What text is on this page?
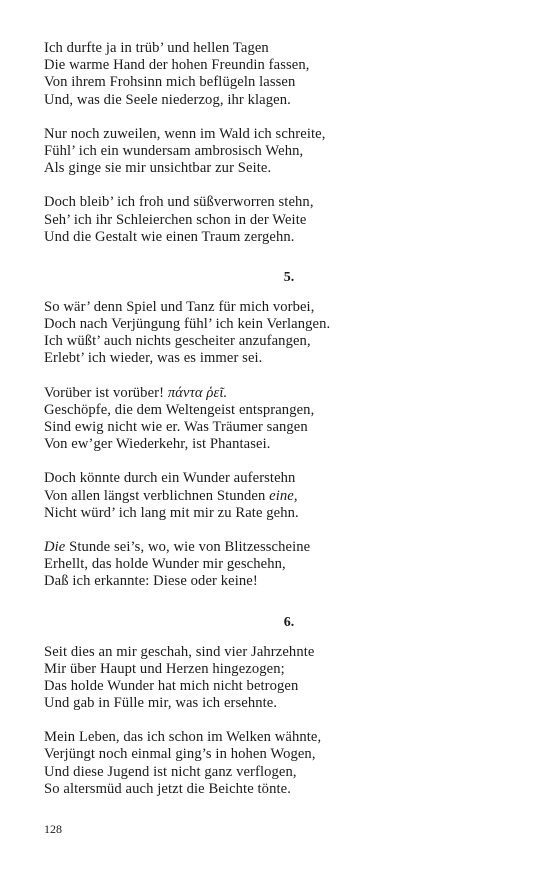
Ich durfte ja in trüb’ und hellen Tagen
Die warme Hand der hohen Freundin fassen,
Von ihrem Frohsinn mich beflügeln lassen
Und, was die Seele niederzog, ihr klagen.
Nur noch zuweilen, wenn im Wald ich schreite,
Fühl’ ich ein wundersam ambrosisch Wehn,
Als ginge sie mir unsichtbar zur Seite.
Doch bleib’ ich froh und süßverworren stehn,
Seh’ ich ihr Schleierchen schon in der Weite
Und die Gestalt wie einen Traum zergehn.
5.
So wär’ denn Spiel und Tanz für mich vorbei,
Doch nach Verjüngung fühl’ ich kein Verlangen.
Ich wüßt’ auch nichts gescheiter anzufangen,
Erlebt’ ich wieder, was es immer sei.
Vorüber ist vorüber! πάντα ῥεῖ.
Geschöpfe, die dem Weltengeist entsprangen,
Sind ewig nicht wie er. Was Träumer sangen
Von ew’ger Wiederkehr, ist Phantasei.
Doch könnte durch ein Wunder auferstehn
Von allen längst verblichnen Stunden eine,
Nicht würd’ ich lang mit mir zu Rate gehn.
Die Stunde sei’s, wo, wie von Blitzesscheine
Erhellt, das holde Wunder mir geschehn,
Daß ich erkannte: Diese oder keine!
6.
Seit dies an mir geschah, sind vier Jahrzehnte
Mir über Haupt und Herzen hingezogen;
Das holde Wunder hat mich nicht betrogen
Und gab in Fülle mir, was ich ersehnte.
Mein Leben, das ich schon im Welken wähnte,
Verjüngt noch einmal ging’s in hohen Wogen,
Und diese Jugend ist nicht ganz verflogen,
So altersmüd auch jetzt die Beichte tönte.
128
